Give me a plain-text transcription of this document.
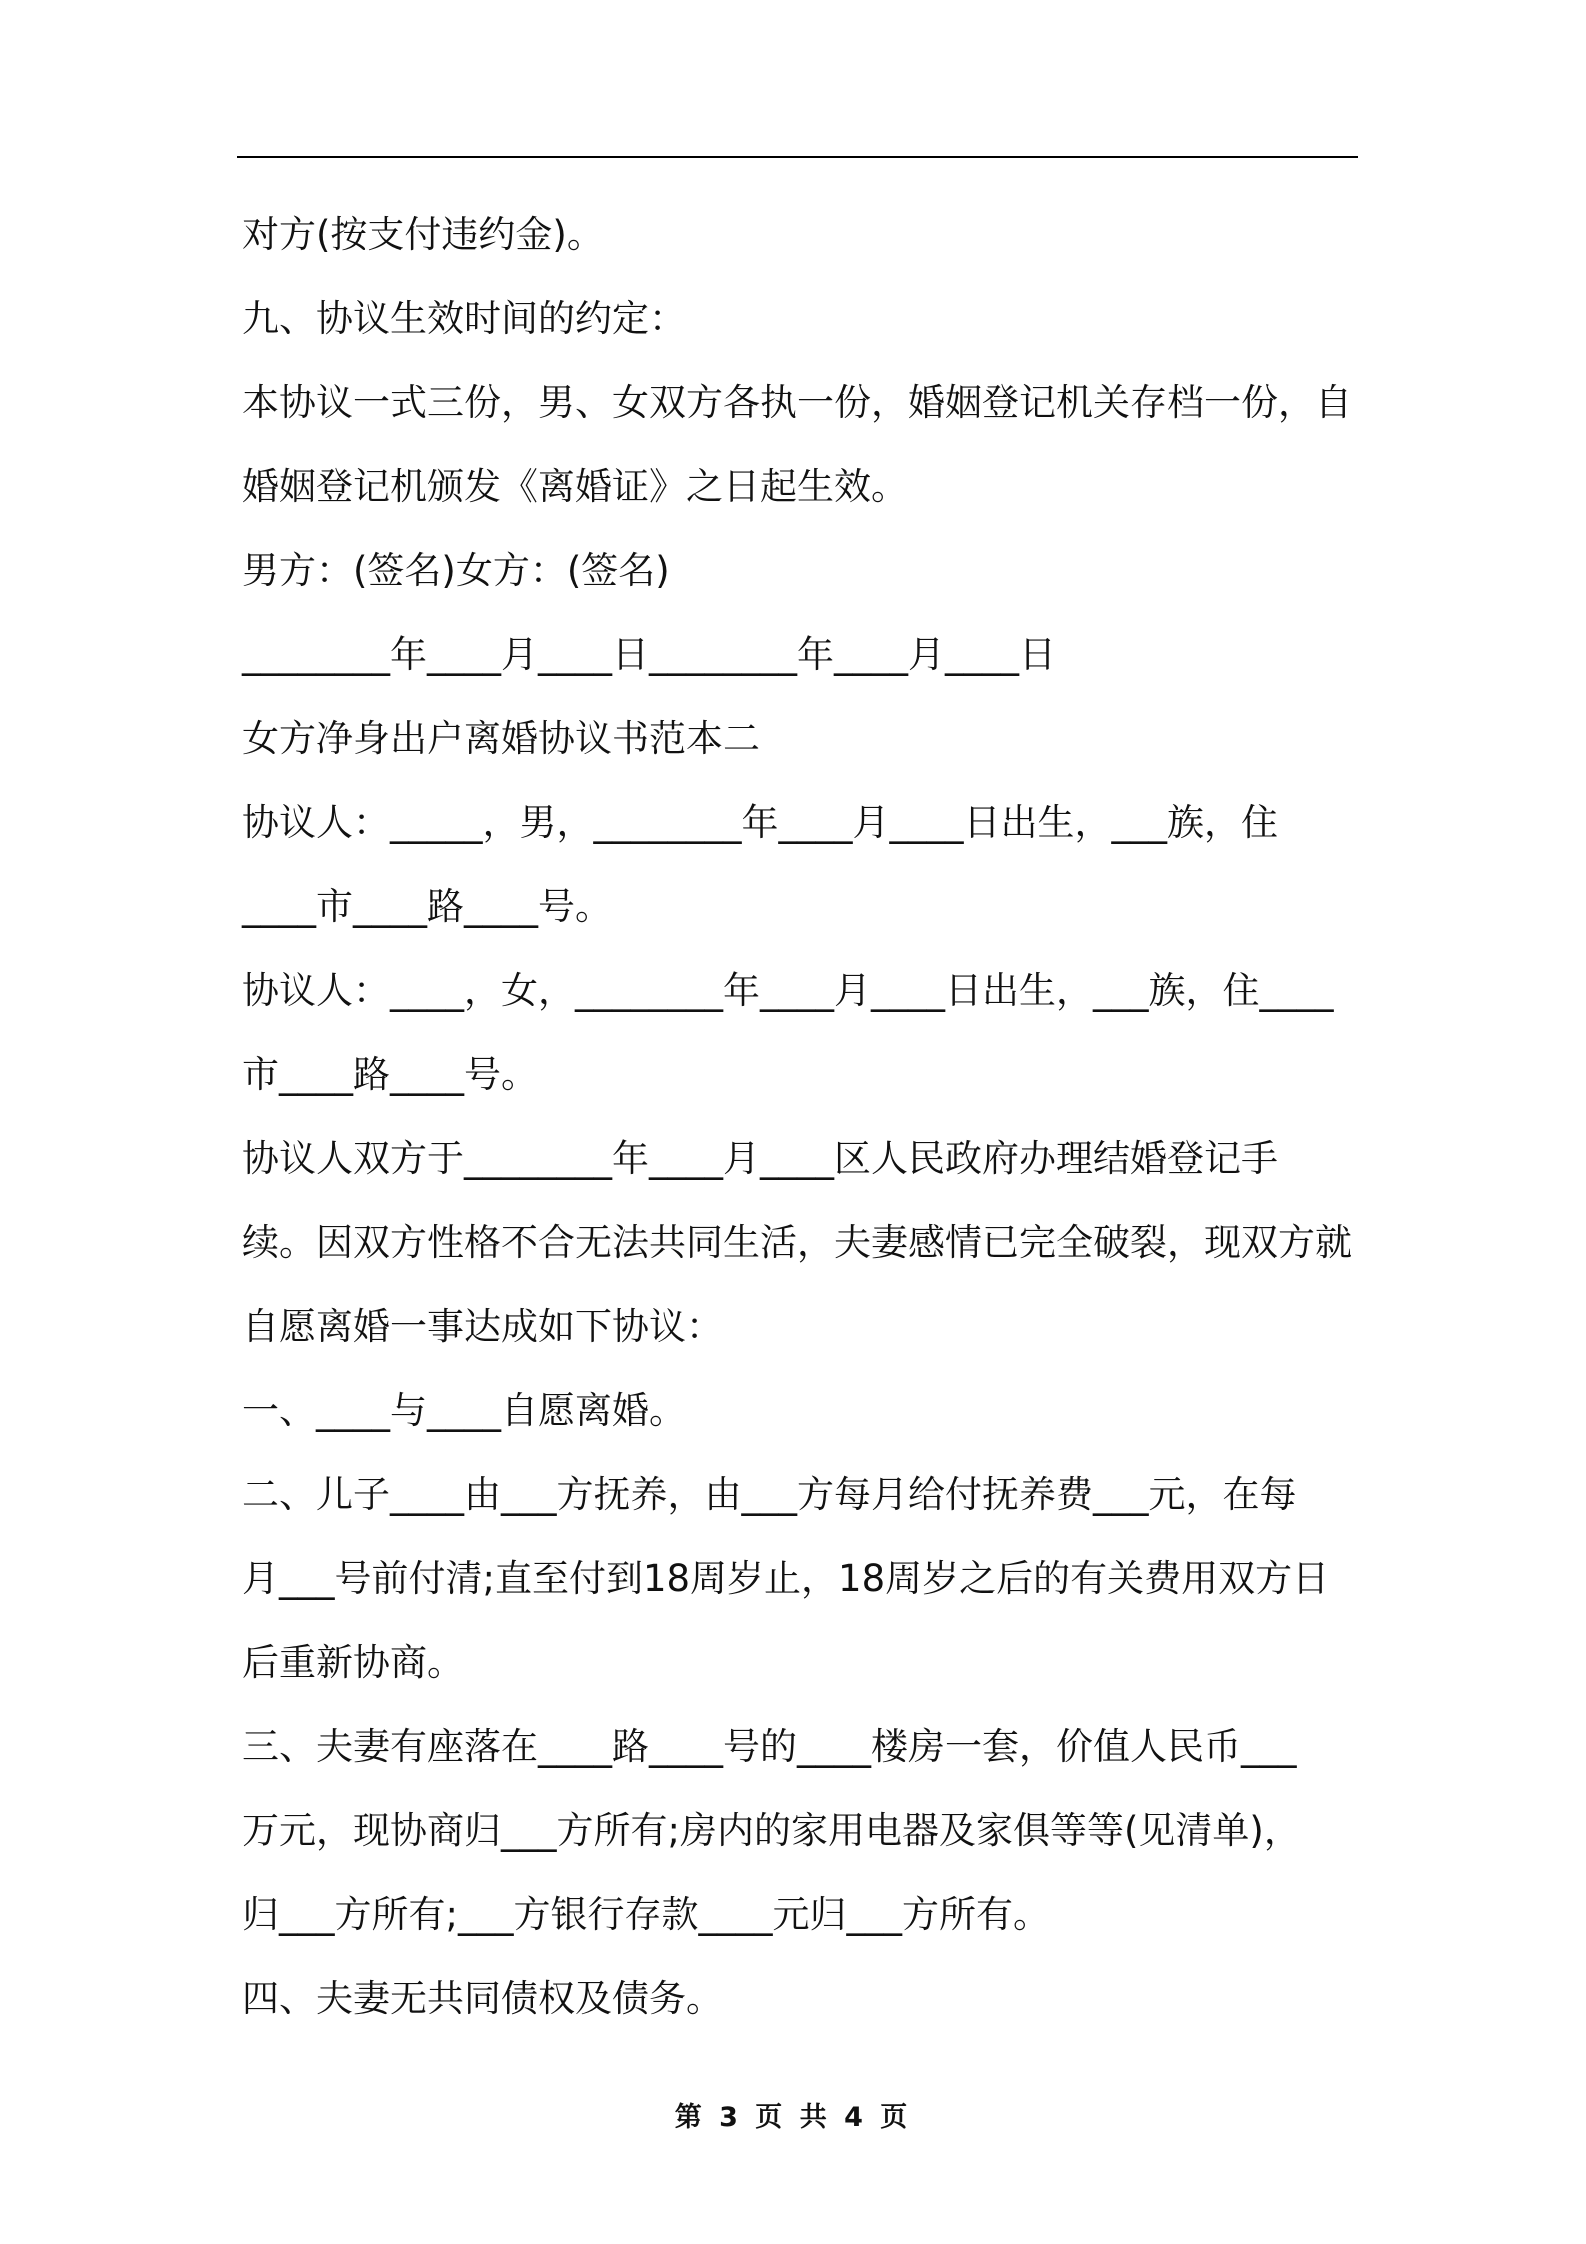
对方(按支付违约金)。

九、协议生效时间的约定：

本协议一式三份，男、女双方各执一份，婚姻登记机关存档一份，自

婚姻登记机颁发《离婚证》之日起生效。

男方：(签名)女方：(签名)

________年____月____日________年____月____日

女方净身出户离婚协议书范本二

协议人：_____，男，________年____月____日出生，___族，住

____市____路____号。

协议人：____，女，________年____月____日出生，___族，住____

市____路____号。

协议人双方于________年____月____区人民政府办理结婚登记手

续。因双方性格不合无法共同生活，夫妻感情已完全破裂，现双方就

自愿离婚一事达成如下协议：

一、____与____自愿离婚。

二、儿子____由___方抚养，由___方每月给付抚养费___元，在每

月___号前付清;直至付到18周岁止，18周岁之后的有关费用双方日

后重新协商。

三、夫妻有座落在____路____号的____楼房一套，价值人民币___

万元，现协商归___方所有;房内的家用电器及家俱等等(见清单)，

归___方所有;___方银行存款____元归___方所有。

四、夫妻无共同债权及债务。

第 3 页 共 4 页
